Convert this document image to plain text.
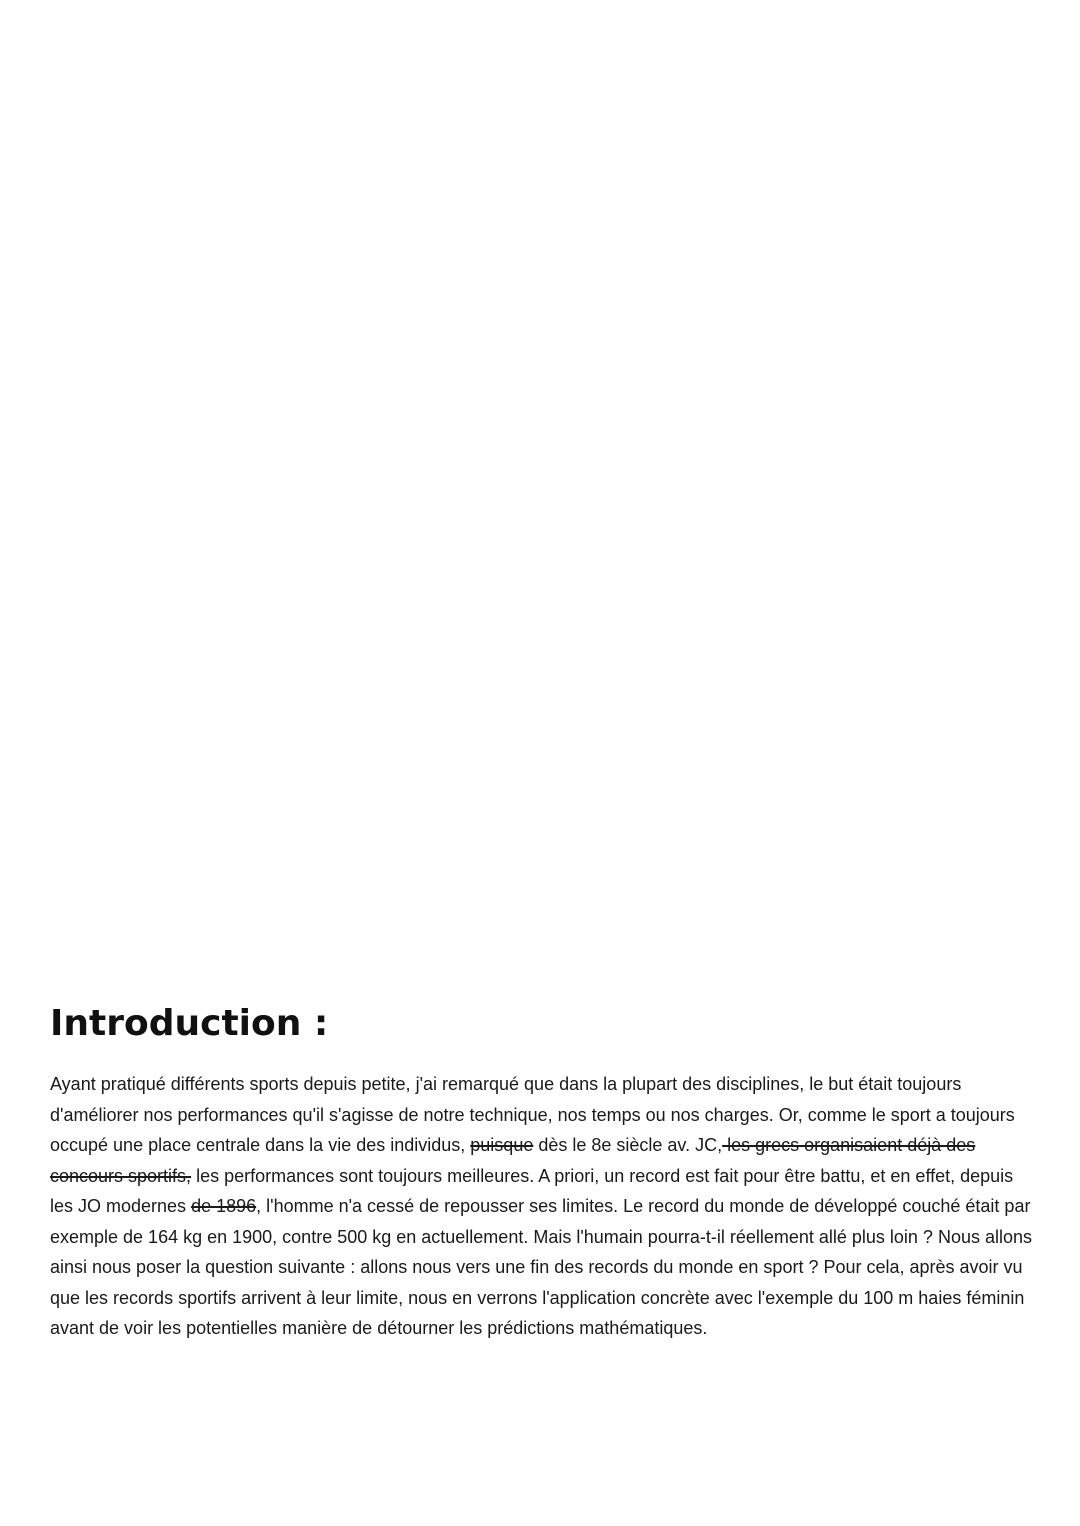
Introduction :

Ayant pratiqué différents sports depuis petite, j'ai remarqué que dans la plupart des disciplines, le but était toujours d'améliorer nos performances qu'il s'agisse de notre technique, nos temps ou nos charges. Or, comme le sport a toujours occupé une place centrale dans la vie des individus, puisque dès le 8e siècle av. JC, les grecs organisaient déjà des concours sportifs, les performances sont toujours meilleures. A priori, un record est fait pour être battu, et en effet, depuis les JO modernes de 1896, l'homme n'a cessé de repousser ses limites. Le record du monde de développé couché était par exemple de 164 kg en 1900, contre 500 kg en actuellement. Mais l'humain pourra-t-il réellement allé plus loin ? Nous allons ainsi nous poser la question suivante : allons nous vers une fin des records du monde en sport ? Pour cela, après avoir vu que les records sportifs arrivent à leur limite, nous en verrons l'application concrète avec l'exemple du 100 m haies féminin avant de voir les potentielles manière de détourner les prédictions mathématiques.
